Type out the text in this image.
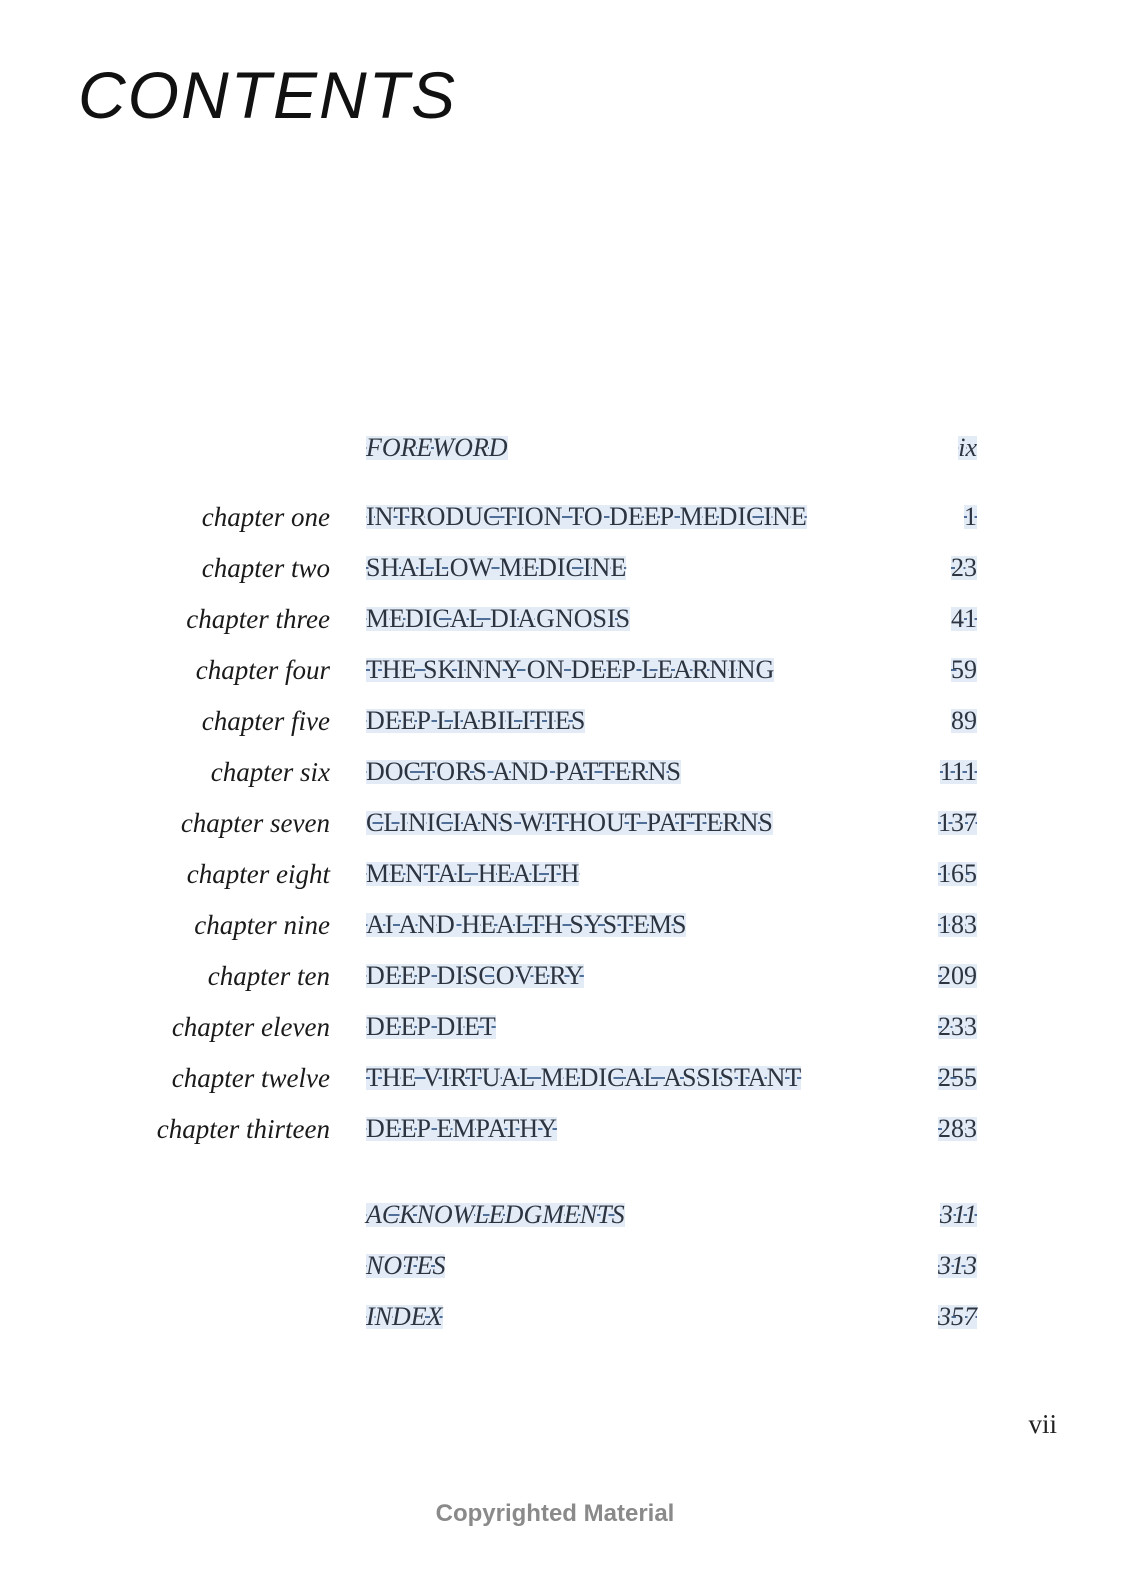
CONTENTS
FOREWORD	ix
chapter one INTRODUCTION TO DEEP MEDICINE	1
chapter two SHALLOW MEDICINE	23
chapter three MEDICAL DIAGNOSIS	41
chapter four THE SKINNY ON DEEP LEARNING	59
chapter five DEEP LIABILITIES	89
chapter six DOCTORS AND PATTERNS	111
chapter seven CLINICIANS WITHOUT PATTERNS	137
chapter eight MENTAL HEALTH	165
chapter nine AI AND HEALTH SYSTEMS	183
chapter ten DEEP DISCOVERY	209
chapter eleven DEEP DIET	233
chapter twelve THE VIRTUAL MEDICAL ASSISTANT	255
chapter thirteen DEEP EMPATHY	283
ACKNOWLEDGMENTS	311
NOTES	313
INDEX	357
vii
Copyrighted Material
